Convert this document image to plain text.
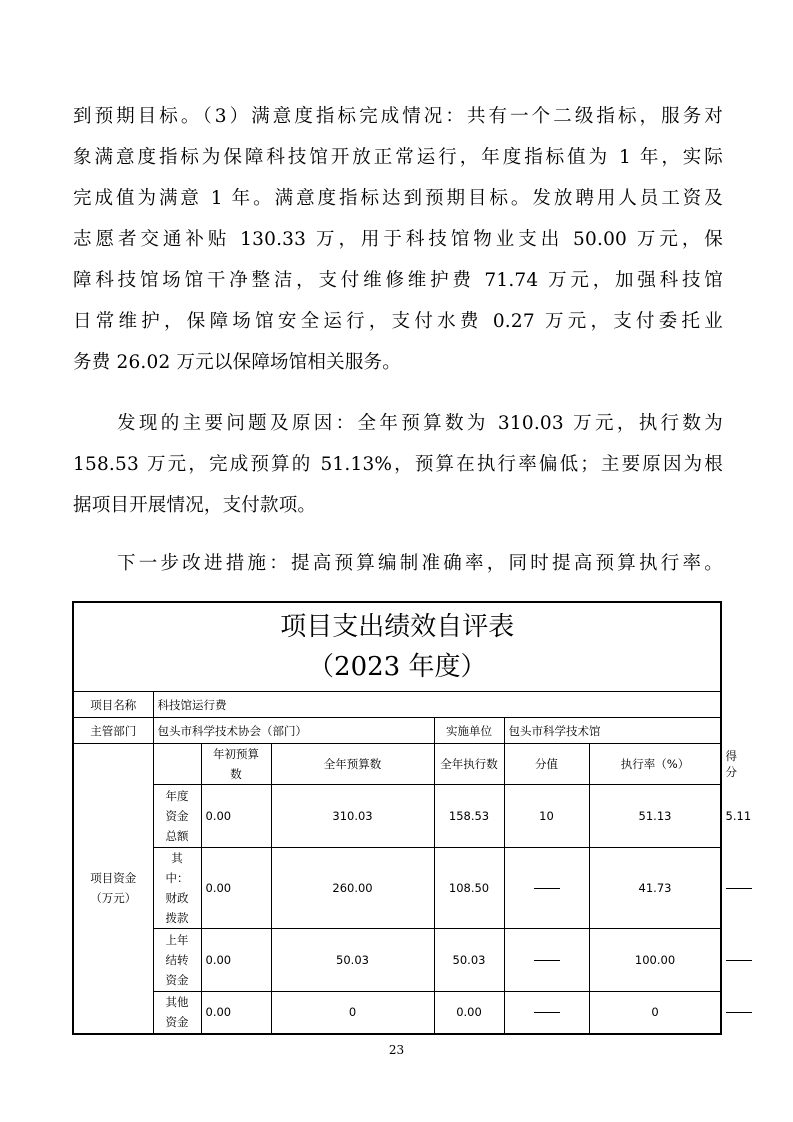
到预期目标。（3）满意度指标完成情况：共有一个二级指标，服务对
象满意度指标为保障科技馆开放正常运行，年度指标值为 1 年，实际
完成值为满意 1 年。满意度指标达到预期目标。发放聘用人员工资及
志愿者交通补贴 130.33 万，用于科技馆物业支出 50.00 万元，保
障科技馆场馆干净整洁，支付维修维护费 71.74 万元，加强科技馆
日常维护，保障场馆安全运行，支付水费 0.27 万元，支付委托业
务费 26.02 万元以保障场馆相关服务。
发现的主要问题及原因：全年预算数为 310.03 万元，执行数为
158.53 万元，完成预算的 51.13%，预算在执行率偏低；主要原因为根
据项目开展情况，支付款项。
下一步改进措施：提高预算编制准确率，同时提高预算执行率。
项目支出绩效自评表
（2023 年度）							

项目名称	科技馆运行费						
主管部门	包头市科学技术协会（部门）			实施单位	包头市科学技术馆		
项目资金（万元）		年初预算数	全年预算数	全年执行数	分值	执行率（%）	得分
	年度资金总额	0.00	310.03	158.53	10	51.13	5.11
	其中：财政拨款	0.00	260.00	108.50		41.73	
	上年结转资金	0.00	50.03	50.03		100.00	
	其他资金	0.00	0	0.00		0	
23
